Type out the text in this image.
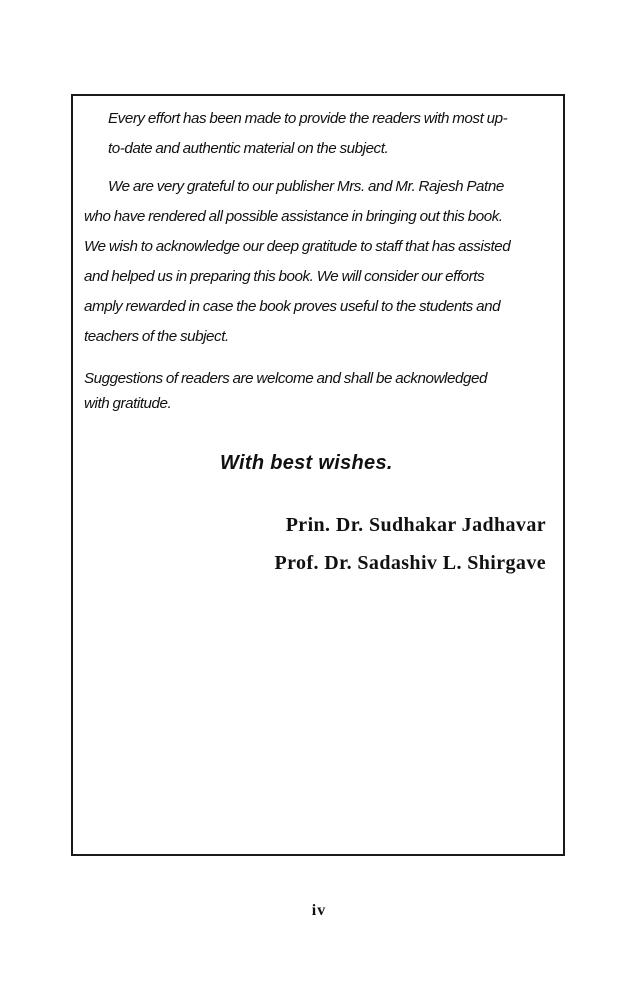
Every effort has been made to provide the readers with most up-
to-date and authentic material on the subject.

We are very grateful to our publisher Mrs. and Mr. Rajesh Patne
who have rendered all possible assistance in bringing out this book.
We wish to acknowledge our deep gratitude to staff that has assisted
and helped us in preparing this book. We will consider our efforts
amply rewarded in case the book proves useful to the students and
teachers of the subject.

Suggestions of readers are welcome and shall be acknowledged
with gratitude.

With best wishes.

Prin. Dr. Sudhakar Jadhavar

Prof. Dr. Sadashiv L. Shirgave

iv
